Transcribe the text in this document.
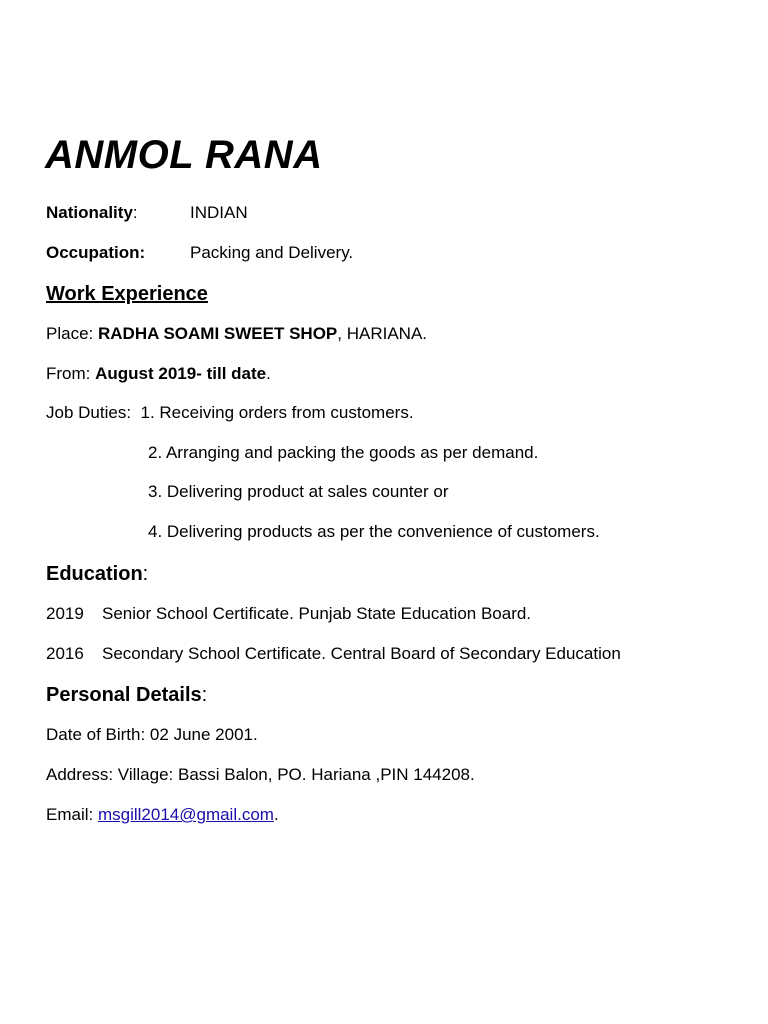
ANMOL RANA
Nationality:	INDIAN
Occupation:	Packing and Delivery.
Work Experience
Place: RADHA SOAMI SWEET SHOP, HARIANA.
From: August 2019- till date.
Job Duties: 1. Receiving orders from customers.
2. Arranging and packing the goods as per demand.
3. Delivering product at sales counter or
4. Delivering products as per the convenience of customers.
Education:
2019 Senior School Certificate. Punjab State Education Board.
2016 Secondary School Certificate. Central Board of Secondary Education
Personal Details:
Date of Birth: 02 June 2001.
Address: Village: Bassi Balon, PO. Hariana ,PIN 144208.
Email: msgill2014@gmail.com.
